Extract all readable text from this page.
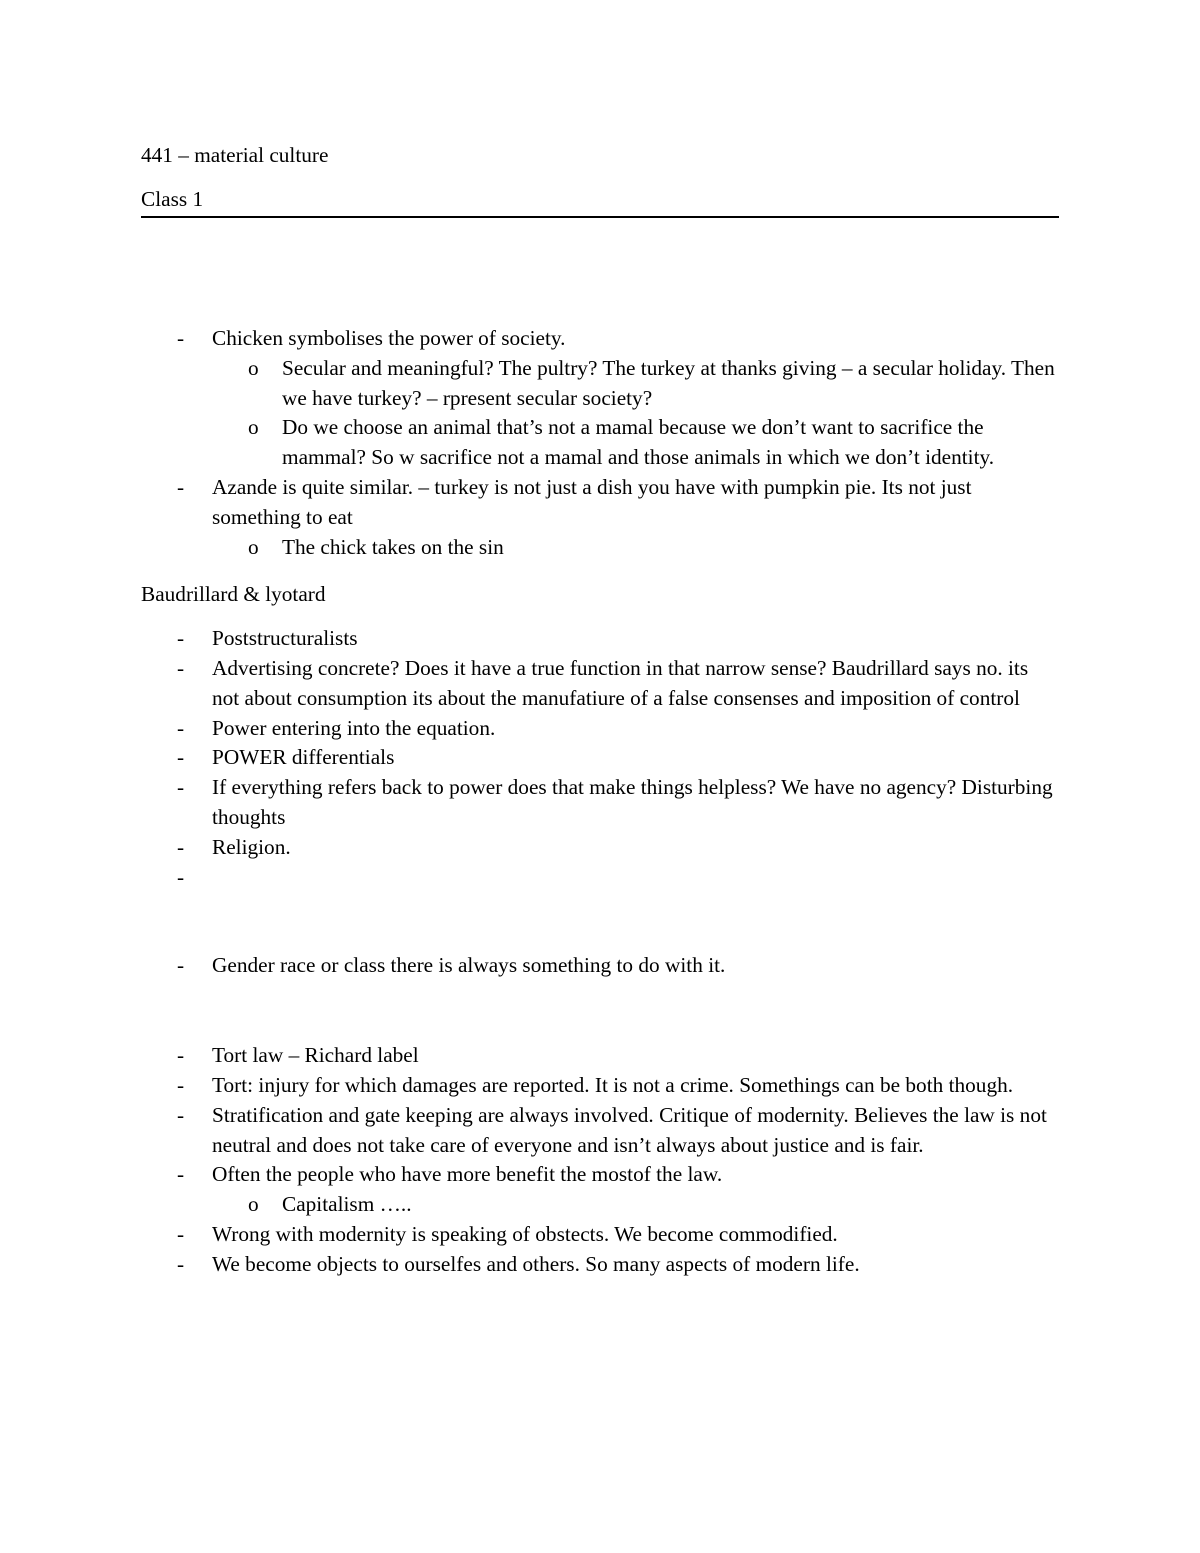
441 – material culture
Class 1
- Chicken symbolises the power of society.
o Secular and meaningful? The pultry? The turkey at thanks giving – a secular holiday. Then we have turkey? – rpresent secular society?
o Do we choose an animal that’s not a mamal because we don’t want to sacrifice the mammal? So w sacrifice not a mamal and those animals in which we don’t identity.
- Azande is quite similar. – turkey is not just a dish you have with pumpkin pie. Its not just something to eat
o The chick takes on the sin
Baudrillard & lyotard
- Poststructuralists
- Advertising concrete? Does it have a true function in that narrow sense? Baudrillard says no. its not about consumption its about the manufatiure of a false consenses and imposition of control
- Power entering into the equation.
- POWER differentials
- If everything refers back to power does that make things helpless? We have no agency? Disturbing thoughts
- Religion.
-
- Gender race or class there is always something to do with it.
- Tort law – Richard label
- Tort: injury for which damages are reported. It is not a crime. Somethings can be both though.
- Stratification and gate keeping are always involved. Critique of modernity. Believes the law is not neutral and does not take care of everyone and isn’t always about justice and is fair.
- Often the people who have more benefit the mostof the law.
o Capitalism …..
- Wrong with modernity is speaking of obstects. We become commodified.
- We become objects to ourselfes and others. So many aspects of modern life.
